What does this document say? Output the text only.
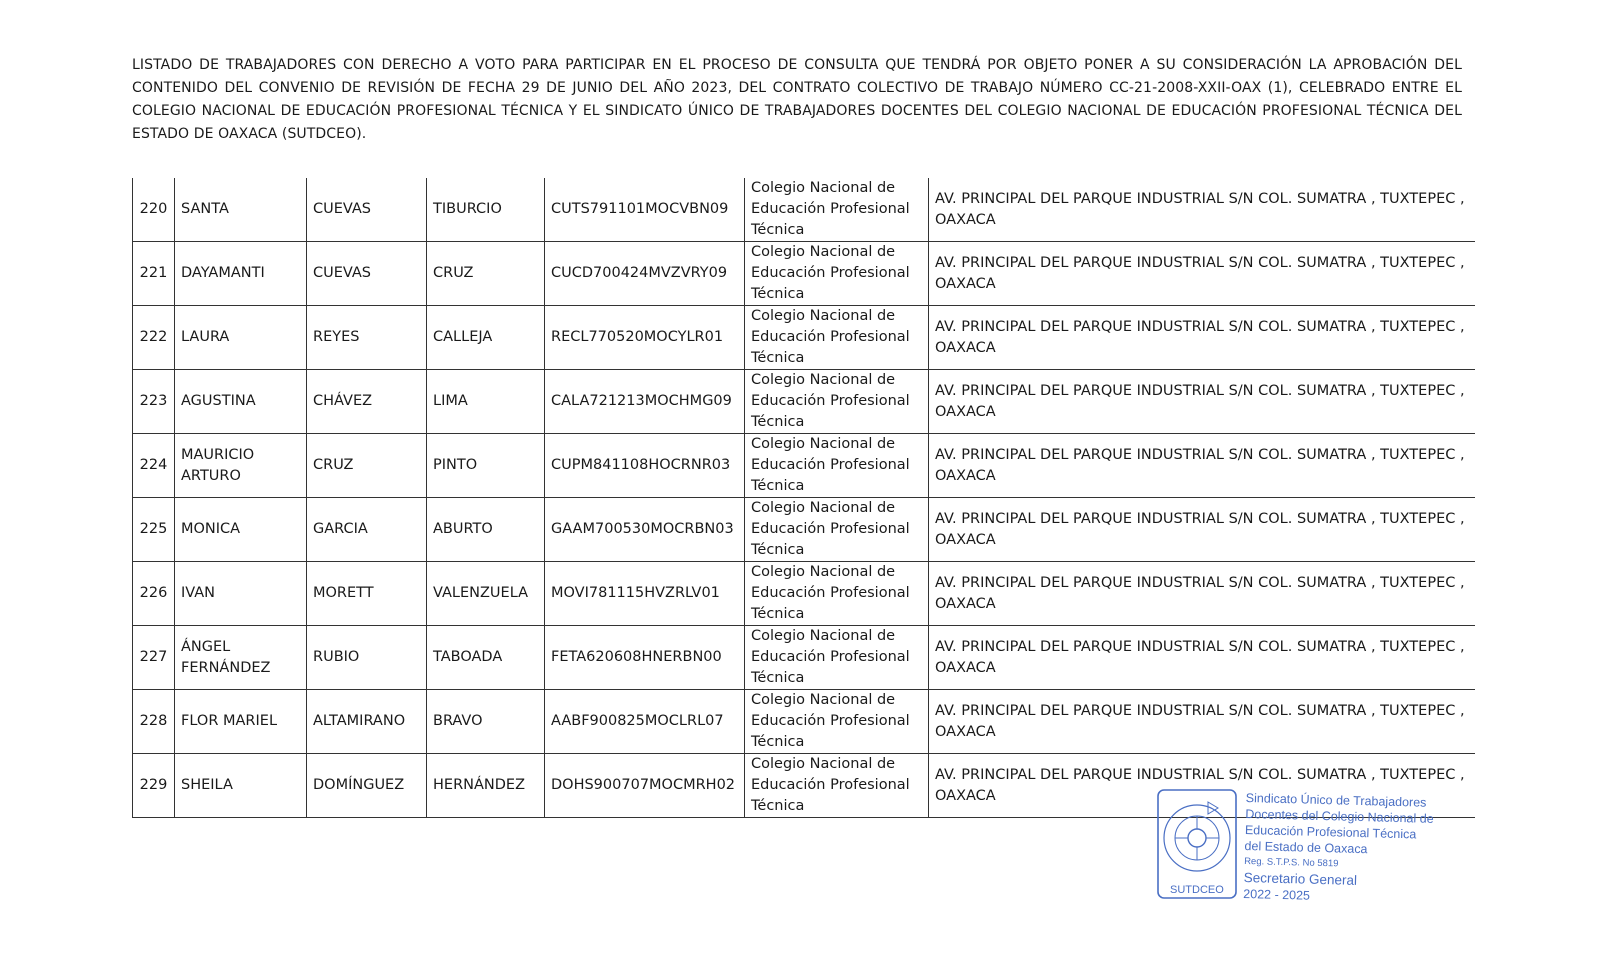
LISTADO DE TRABAJADORES CON DERECHO A VOTO PARA PARTICIPAR EN EL PROCESO DE CONSULTA QUE TENDRÁ POR OBJETO PONER A SU CONSIDERACIÓN LA APROBACIÓN DEL CONTENIDO DEL CONVENIO DE REVISIÓN DE FECHA 29 DE JUNIO DEL AÑO 2023, DEL CONTRATO COLECTIVO DE TRABAJO NÚMERO CC-21-2008-XXII-OAX (1), CELEBRADO ENTRE EL COLEGIO NACIONAL DE EDUCACIÓN PROFESIONAL TÉCNICA Y EL SINDICATO ÚNICO DE TRABAJADORES DOCENTES DEL COLEGIO NACIONAL DE EDUCACIÓN PROFESIONAL TÉCNICA DEL ESTADO DE OAXACA (SUTDCEO).

220	SANTA	CUEVAS	TIBURCIO	CUTS791101MOCVBN09	Colegio Nacional de Educación Profesional Técnica	AV. PRINCIPAL DEL PARQUE INDUSTRIAL S/N COL. SUMATRA , TUXTEPEC , OAXACA
221	DAYAMANTI	CUEVAS	CRUZ	CUCD700424MVZVRY09	Colegio Nacional de Educación Profesional Técnica	AV. PRINCIPAL DEL PARQUE INDUSTRIAL S/N COL. SUMATRA , TUXTEPEC , OAXACA
222	LAURA	REYES	CALLEJA	RECL770520MOCYLR01	Colegio Nacional de Educación Profesional Técnica	AV. PRINCIPAL DEL PARQUE INDUSTRIAL S/N COL. SUMATRA , TUXTEPEC , OAXACA
223	AGUSTINA	CHÁVEZ	LIMA	CALA721213MOCHMG09	Colegio Nacional de Educación Profesional Técnica	AV. PRINCIPAL DEL PARQUE INDUSTRIAL S/N COL. SUMATRA , TUXTEPEC , OAXACA
224	MAURICIO ARTURO	CRUZ	PINTO	CUPM841108HOCRNR03	Colegio Nacional de Educación Profesional Técnica	AV. PRINCIPAL DEL PARQUE INDUSTRIAL S/N COL. SUMATRA , TUXTEPEC , OAXACA
225	MONICA	GARCIA	ABURTO	GAAM700530MOCRBN03	Colegio Nacional de Educación Profesional Técnica	AV. PRINCIPAL DEL PARQUE INDUSTRIAL S/N COL. SUMATRA , TUXTEPEC , OAXACA
226	IVAN	MORETT	VALENZUELA	MOVI781115HVZRLV01	Colegio Nacional de Educación Profesional Técnica	AV. PRINCIPAL DEL PARQUE INDUSTRIAL S/N COL. SUMATRA , TUXTEPEC , OAXACA
227	ÁNGEL FERNÁNDEZ	RUBIO	TABOADA	FETA620608HNERBN00	Colegio Nacional de Educación Profesional Técnica	AV. PRINCIPAL DEL PARQUE INDUSTRIAL S/N COL. SUMATRA , TUXTEPEC , OAXACA
228	FLOR MARIEL	ALTAMIRANO	BRAVO	AABF900825MOCLRL07	Colegio Nacional de Educación Profesional Técnica	AV. PRINCIPAL DEL PARQUE INDUSTRIAL S/N COL. SUMATRA , TUXTEPEC , OAXACA
229	SHEILA	DOMÍNGUEZ	HERNÁNDEZ	DOHS900707MOCMRH02	Colegio Nacional de Educación Profesional Técnica	AV. PRINCIPAL DEL PARQUE INDUSTRIAL S/N COL. SUMATRA , TUXTEPEC , OAXACA
SUTDCEO
Sindicato Único de Trabajadores
Docentes del Colegio Nacional de
Educación Profesional Técnica
del Estado de Oaxaca
Reg. S.T.P.S. No 5819
Secretario General
2022 - 2025
